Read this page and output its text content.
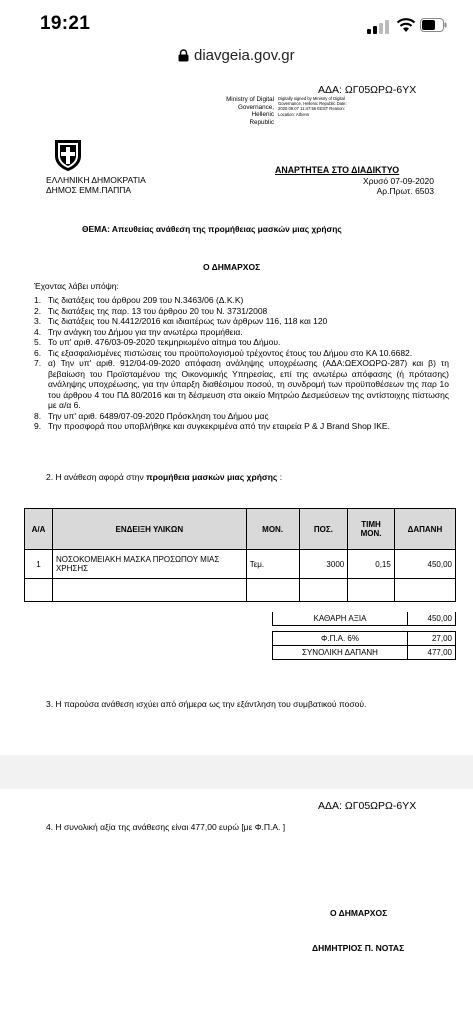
19:21
diavgeia.gov.gr
ΑΔΑ: ΩΓ05ΩΡΩ-6ΥΧ
Ministry of Digital Governance, Hellenic Republic
Digitally signed by Ministry of Digital Governance, Hellenic Republic Date: 2020.09.07 11:47:56 EEST Reason: Location: Athens
ΕΛΛΗΝΙΚΗ ΔΗΜΟΚΡΑΤΙΑ
ΔΗΜΟΣ ΕΜΜ.ΠΑΠΠΑ
ΑΝΑΡΤΗΤΕΑ ΣΤΟ ΔΙΑΔΙΚΤΥΟ
Χρυσό 07-09-2020
Αρ.Πρωτ. 6503
ΘΕΜΑ: Απευθείας ανάθεση της προμήθειας μασκών μιας χρήσης
Ο ΔΗΜΑΡΧΟΣ
Έχοντας λάβει υπόψη:
1. Τις διατάξεις του άρθρου 209 του Ν.3463/06 (Δ.Κ.Κ)
2. Τις διατάξεις της παρ. 13 του άρθρου 20 του Ν. 3731/2008
3. Τις διατάξεις του Ν.4412/2016 και ιδιαιτέρως των άρθρων 116, 118 και 120
4. Την ανάγκη του Δήμου για την ανωτέρω προμήθεια.
5. Το υπ' αριθ. 476/03-09-2020 τεκμηριωμένο αίτημα του Δήμου.
6. Τις εξασφαλισμένες πιστώσεις του προϋπολογισμού τρέχοντος έτους του Δήμου στο ΚΑ 10.6682.
7. α) Την υπ' αριθ. 912/04-09-2020 απόφαση ανάληψης υποχρέωσης (ΑΔΑ:ΩΕΧΟΩΡΩ-287) και β) τη βεβαίωση του Προϊσταμένου της Οικονομικής Υπηρεσίας, επί της ανωτέρω απόφασης (ή πρότασης) ανάληψης υποχρέωσης, για την ύπαρξη διαθέσιμου ποσού, τη συνδρομή των προϋποθέσεων της παρ 1ο του άρθρου 4 του ΠΔ 80/2016 και τη δέσμευση στα οικείο Μητρώο Δεσμεύσεων της αντίστοιχης πίστωσης με α/α 6.
8. Την υπ' αριθ. 6489/07-09-2020 Πρόσκληση του Δήμου μας
9. Την προσφορά που υποβλήθηκε και συγκεκριμένα από την εταιρεία P & J Brand Shop ΙΚΕ.
2. Η ανάθεση αφορά στην προμήθεια μασκών μιας χρήσης :
Α/Α	ΕΝΔΕΙΞΗ ΥΛΙΚΩΝ	ΜΟΝ.	ΠΟΣ.	ΤΙΜΗ ΜΟΝ.	ΔΑΠΑΝΗ
1	ΝΟΣΟΚΟΜΕΙΑΚΗ ΜΑΣΚΑ ΠΡΟΣΩΠΟΥ ΜΙΑΣ ΧΡΗΣΗΣ	Τεμ.	3000	0,15	450,00

ΚΑΘΑΡΗ ΑΞΙΑ	450,00

Φ.Π.Α. 6%	27,00
ΣΥΝΟΛΙΚΗ ΔΑΠΑΝΗ	477,00
3. Η παρούσα ανάθεση ισχύει από σήμερα ως την εξάντληση του συμβατικού ποσού.
ΑΔΑ: ΩΓ05ΩΡΩ-6ΥΧ
4. Η συνολική αξία της ανάθεσης είναι 477,00 ευρώ [με Φ.Π.Α. ]
Ο ΔΗΜΑΡΧΟΣ
ΔΗΜΗΤΡΙΟΣ Π. ΝΟΤΑΣ
